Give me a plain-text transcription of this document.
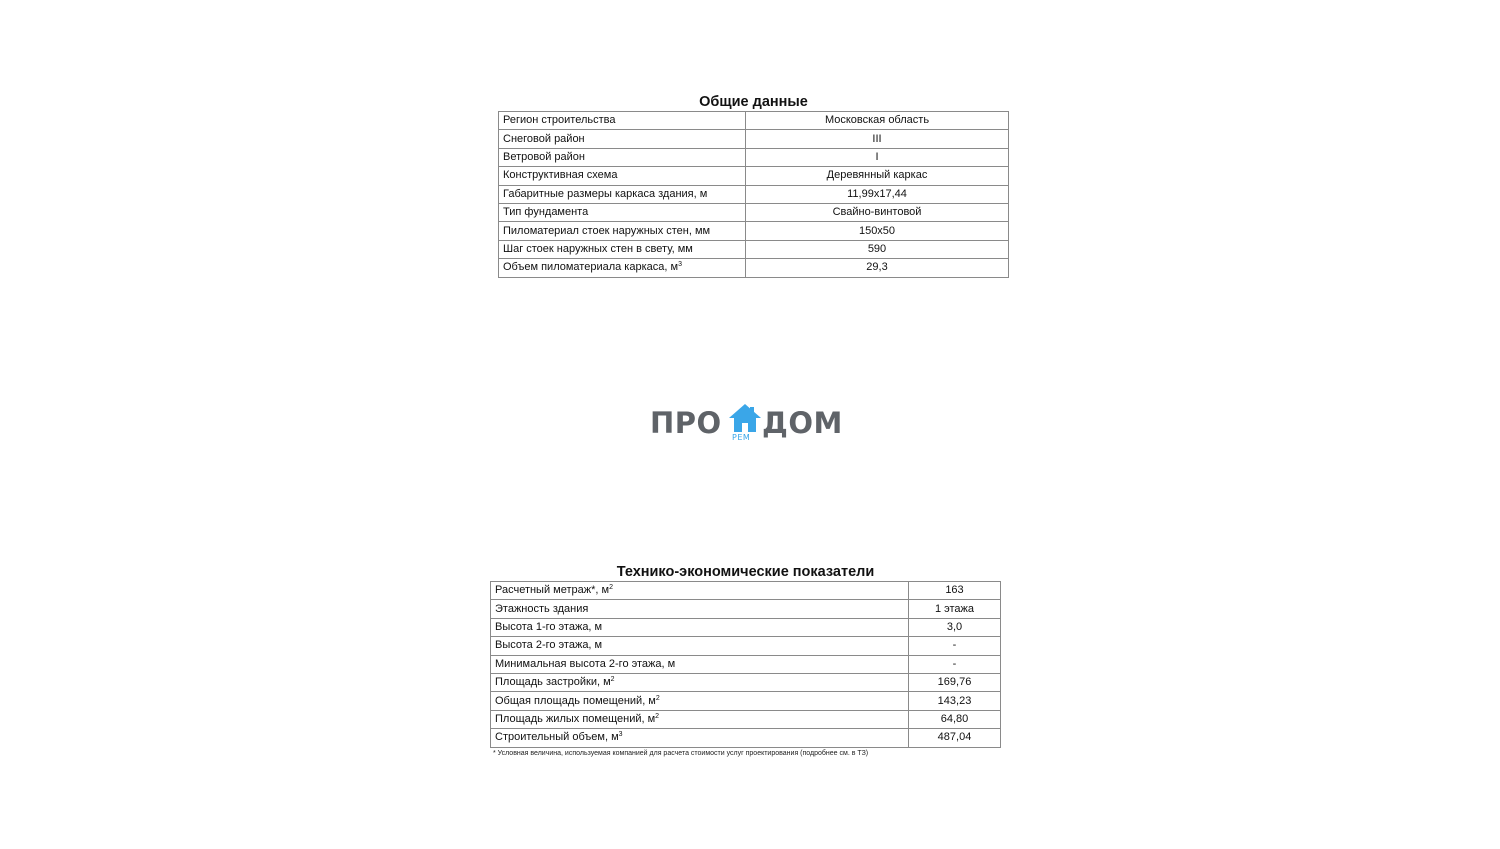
Общие данные
Регион строительства	Московская область
Снеговой район	III
Ветровой район	I
Конструктивная схема	Деревянный каркас
Габаритные размеры каркаса здания, м	11,99x17,44
Тип фундамента	Свайно-винтовой
Пиломатериал стоек наружных стен, мм	150x50
Шаг стоек наружных стен в свету, мм	590
Объем пиломатериала каркаса, $м^3$	29,3
ПРО РЕМ ДОМ
Технико-экономические показатели
Расчетный метраж*, $м^2$	163
Этажность здания	1 этажа
Высота 1-го этажа, м	3,0
Высота 2-го этажа, м	-
Минимальная высота 2-го этажа, м	-
Площадь застройки, $м^2$	169,76
Общая площадь помещений, $м^2$	143,23
Площадь жилых помещений, $м^2$	64,80
Строительный объем, $м^3$	487,04
* Условная величина, используемая компанией для расчета стоимости услуг проектирования (подробнее см. в ТЗ)
